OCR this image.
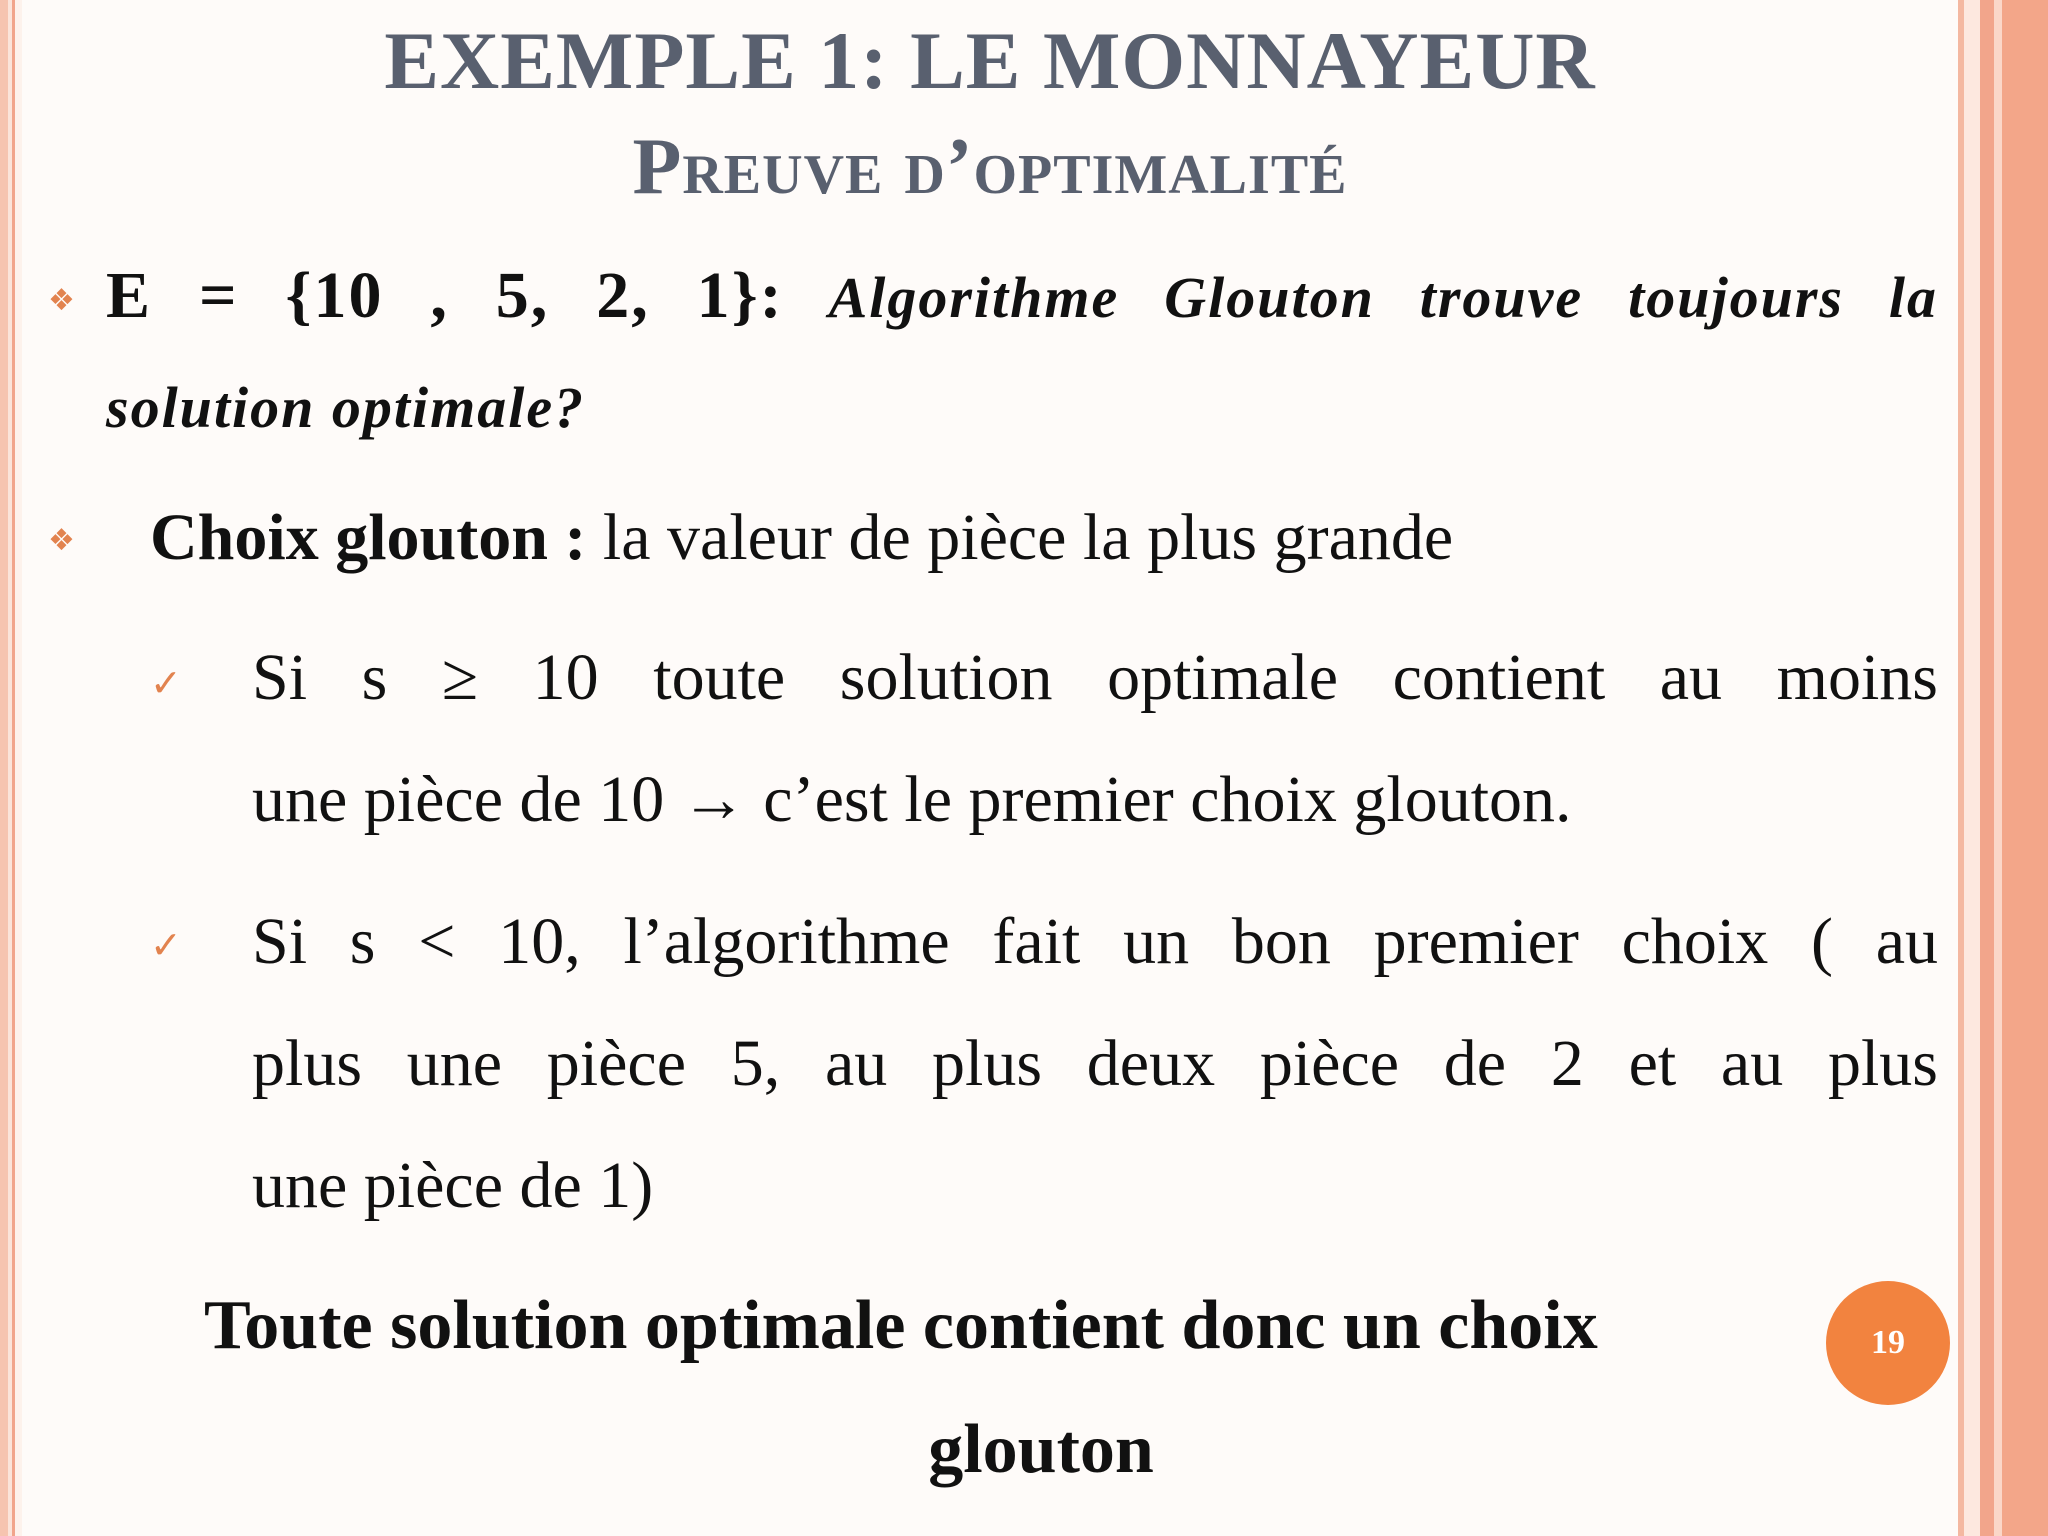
EXEMPLE 1: LE MONNAYEUR
Preuve d’optimalité
❖ E = {10 , 5, 2, 1}: Algorithme Glouton trouve toujours la
solution optimale?
❖ Choix glouton : la valeur de pièce la plus grande
✓ Si s ≥ 10 toute solution optimale contient au moins
une pièce de 10 → c’est le premier choix glouton.
✓ Si s < 10, l’algorithme fait un bon premier choix ( au
plus une pièce 5, au plus deux pièce de 2 et au plus
une pièce de 1)
Toute solution optimale contient donc un choix
glouton
19
